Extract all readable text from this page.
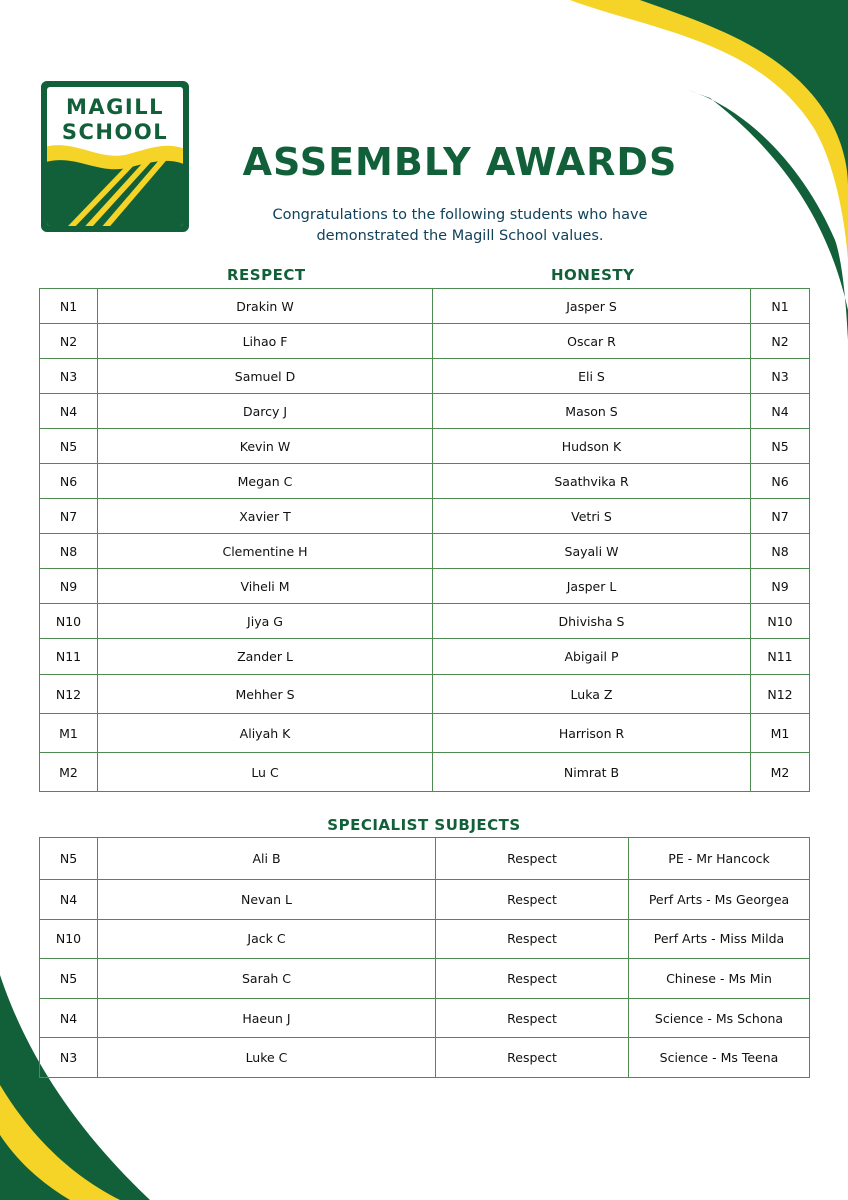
MAGILL
SCHOOL
ASSEMBLY AWARDS
Congratulations to the following students who have
demonstrated the Magill School values.
RESPECT	HONESTY
N1	Drakin W	Jasper S	N1
N2	Lihao F	Oscar R	N2
N3	Samuel D	Eli S	N3
N4	Darcy J	Mason S	N4
N5	Kevin W	Hudson K	N5
N6	Megan C	Saathvika R	N6
N7	Xavier T	Vetri S	N7
N8	Clementine H	Sayali W	N8
N9	Viheli M	Jasper L	N9
N10	Jiya G	Dhivisha S	N10
N11	Zander L	Abigail P	N11
N12	Mehher S	Luka Z	N12
M1	Aliyah K	Harrison R	M1
M2	Lu C	Nimrat B	M2
SPECIALIST SUBJECTS
N5	Ali B	Respect	PE - Mr Hancock
N4	Nevan L	Respect	Perf Arts - Ms Georgea
N10	Jack C	Respect	Perf Arts - Miss Milda
N5	Sarah C	Respect	Chinese - Ms Min
N4	Haeun J	Respect	Science - Ms Schona
N3	Luke C	Respect	Science - Ms Teena
